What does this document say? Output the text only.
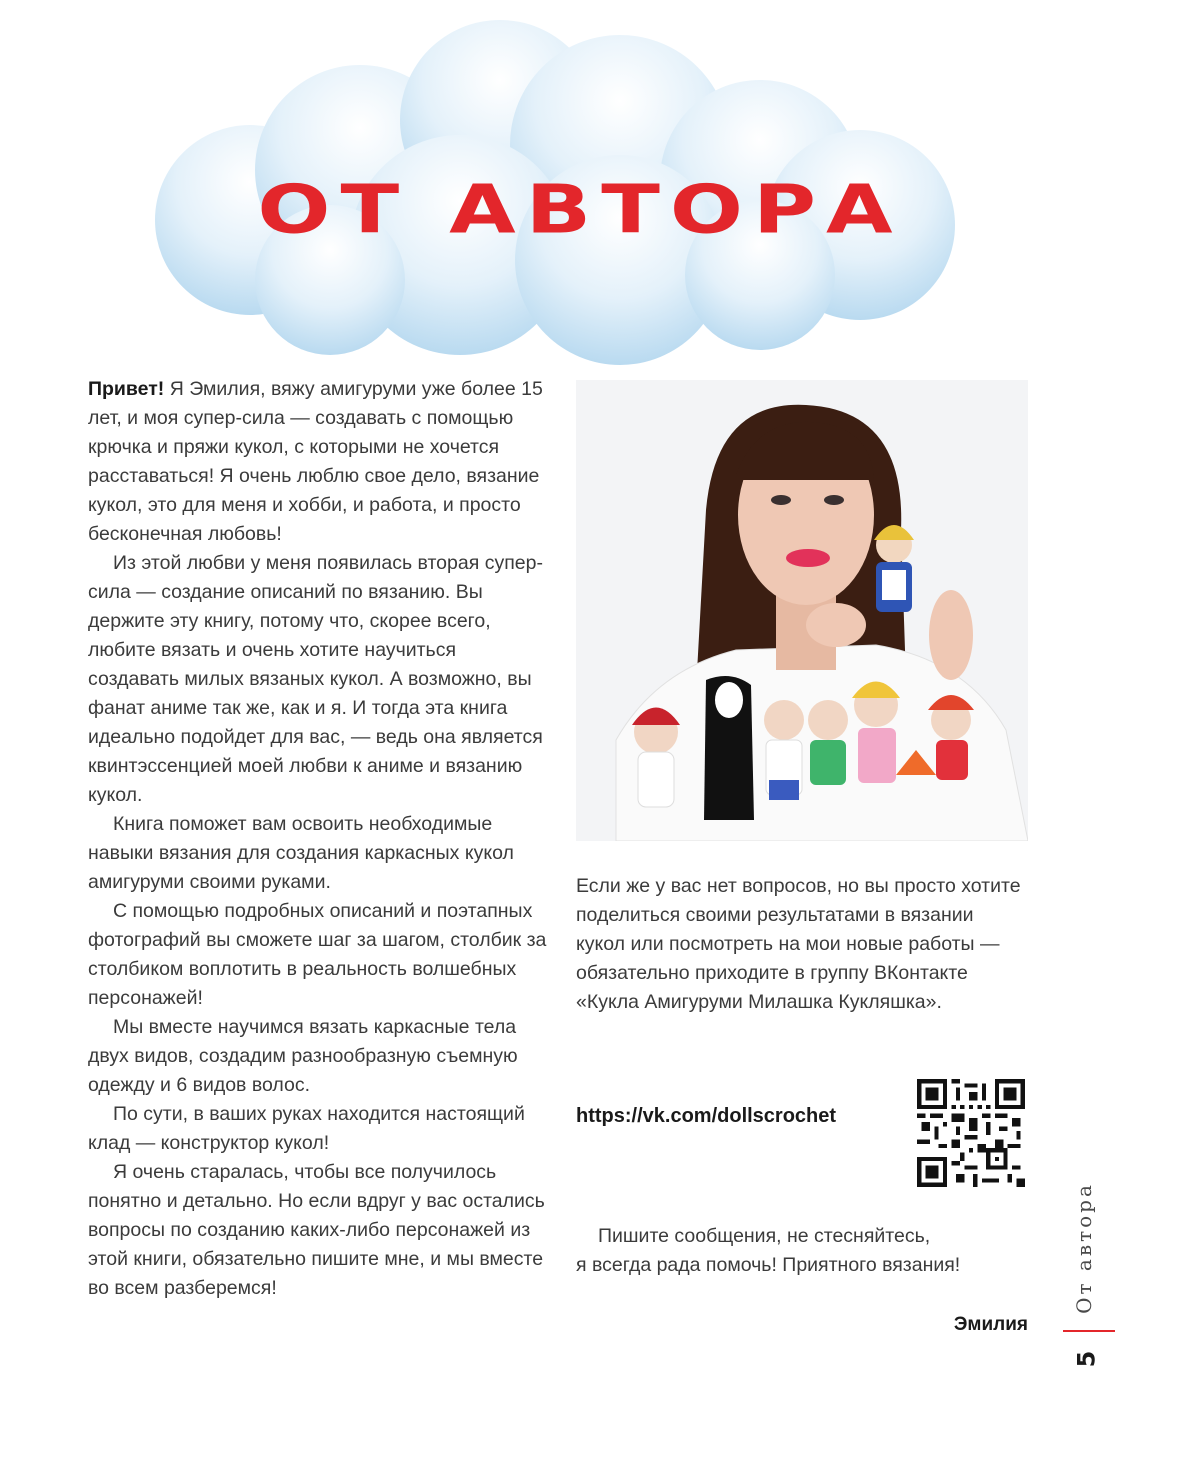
ОТ АВТОРА

Привет! Я Эмилия, вяжу амигуруми уже более 15 лет, и моя супер-сила — создавать с помощью крючка и пряжи кукол, с которыми не хочется расставаться! Я очень люблю свое дело, вязание кукол, это для меня и хобби, и работа, и просто бесконечная любовь!

Из этой любви у меня появилась вторая супер-сила — создание описаний по вязанию. Вы держите эту книгу, потому что, скорее всего, любите вязать и очень хотите научиться создавать милых вязаных кукол. А возможно, вы фанат аниме так же, как и я. И тогда эта книга идеально подойдет для вас, — ведь она является квинтэссенцией моей любви к аниме и вязанию кукол.

Книга поможет вам освоить необходимые навыки вязания для создания каркасных кукол амигуруми своими руками.

С помощью подробных описаний и поэтапных фотографий вы сможете шаг за шагом, столбик за столбиком воплотить в реальность волшебных персонажей!

Мы вместе научимся вязать каркасные тела двух видов, создадим разнообразную съемную одежду и 6 видов волос.

По сути, в ваших руках находится настоящий клад — конструктор кукол!

Я очень старалась, чтобы все получилось понятно и детально. Но если вдруг у вас остались вопросы по созданию каких-либо персонажей из этой книги, обязательно пишите мне, и мы вместе во всем разберемся!

Если же у вас нет вопросов, но вы просто хотите поделиться своими результатами в вязании кукол или посмотреть на мои новые работы — обязательно приходите в группу ВКонтакте «Кукла Амигуруми Милашка Кукляшка».

https://vk.com/dollscrochet

Пишите сообщения, не стесняйтесь,

я всегда рада помочь! Приятного вязания!

Эмилия
От автора
5
